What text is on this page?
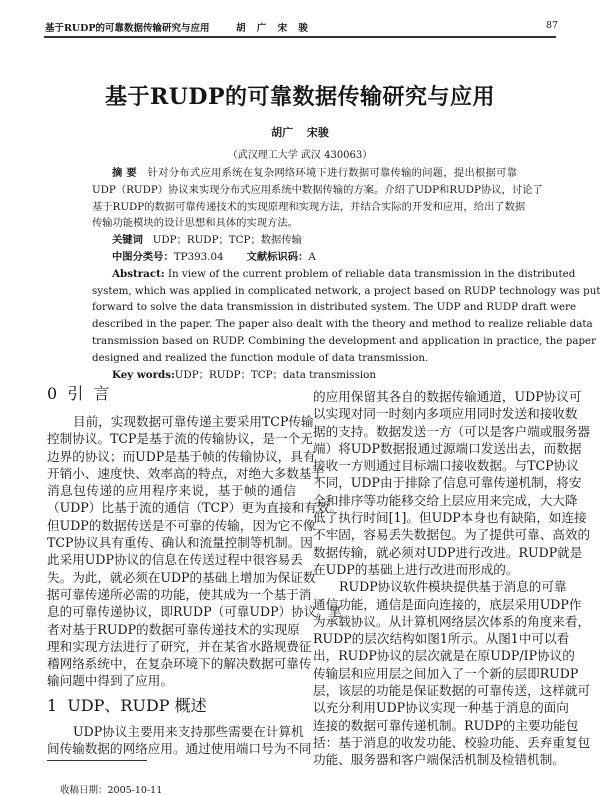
基于RUDP的可靠数据传输研究与应用	胡 广 宋 骏	87
基于RUDP的可靠数据传输研究与应用
胡广 宋骏
（武汉理工大学 武汉 430063）
摘 要 针对分布式应用系统在复杂网络环境下进行数据可靠传输的问题，提出根据可靠
UDP（RUDP）协议来实现分布式应用系统中数据传输的方案。介绍了UDP和RUDP协议，讨论了
基于RUDP的数据可靠传递技术的实现原理和实现方法，并结合实际的开发和应用，给出了数据
传输功能模块的设计思想和具体的实现方法。
关键词 UDP；RUDP；TCP；数据传输
中图分类号：TP393.04 文献标识码：A
Abstract: In view of the current problem of reliable data transmission in the distributed
system, which was applied in complicated network, a project based on RUDP technology was put
forward to solve the data transmission in distributed system. The UDP and RUDP draft were
described in the paper. The paper also dealt with the theory and method to realize reliable data
transmission based on RUDP. Combining the development and application in practice, the paper
designed and realized the function module of data transmission.
Key words:UDP；RUDP；TCP；data transmission
0  引  言
目前，实现数据可靠传递主要采用TCP传输
控制协议。TCP是基于流的传输协议，是一个无
边界的协议；而UDP是基于帧的传输协议，具有
开销小、速度快、效率高的特点，对绝大多数基于
消息包传递的应用程序来说，基于帧的通信
（UDP）比基于流的通信（TCP）更为直接和有效。
但UDP的数据传送是不可靠的传输，因为它不像
TCP协议具有重传、确认和流量控制等机制。因
此采用UDP协议的信息在传送过程中很容易丢
失。为此，就必须在UDP的基础上增加为保证数
据可靠传递所必需的功能，使其成为一个基于消
息的可靠传递协议，即RUDP（可靠UDP）协议。笔
者对基于RUDP的数据可靠传递技术的实现原
理和实现方法进行了研究，并在某省水路规费征
稽网络系统中，在复杂环境下的解决数据可靠传
输问题中得到了应用。
1  UDP、RUDP 概述
UDP协议主要用来支持那些需要在计算机
间传输数据的网络应用。通过使用端口号为不同
收稿日期：2005-10-11
的应用保留其各自的数据传输通道，UDP协议可
以实现对同一时刻内多项应用同时发送和接收数
据的支持。数据发送一方（可以是客户端或服务器
端）将UDP数据报通过源端口发送出去，而数据
接收一方则通过目标端口接收数据。与TCP协议
不同，UDP由于排除了信息可靠传递机制，将安
全和排序等功能移交给上层应用来完成，大大降
低了执行时间[1]。但UDP本身也有缺陷，如连接
不牢固，容易丢失数据包。为了提供可靠、高效的
数据传输，就必须对UDP进行改进。RUDP就是
在UDP的基础上进行改进而形成的。
RUDP协议软件模块提供基于消息的可靠
通信功能，通信是面向连接的，底层采用UDP作
为承载协议。从计算机网络层次体系的角度来看，
RUDP的层次结构如图1所示。从图1中可以看
出，RUDP协议的层次就是在原UDP/IP协议的
传输层和应用层之间加入了一个新的层即RUDP
层，该层的功能是保证数据的可靠传送，这样就可
以充分利用UDP协议实现一种基于消息的面向
连接的数据可靠传递机制。RUDP的主要功能包
括：基于消息的收发功能、校验功能、丢弃重复包
功能、服务器和客户端保活机制及检错机制。
